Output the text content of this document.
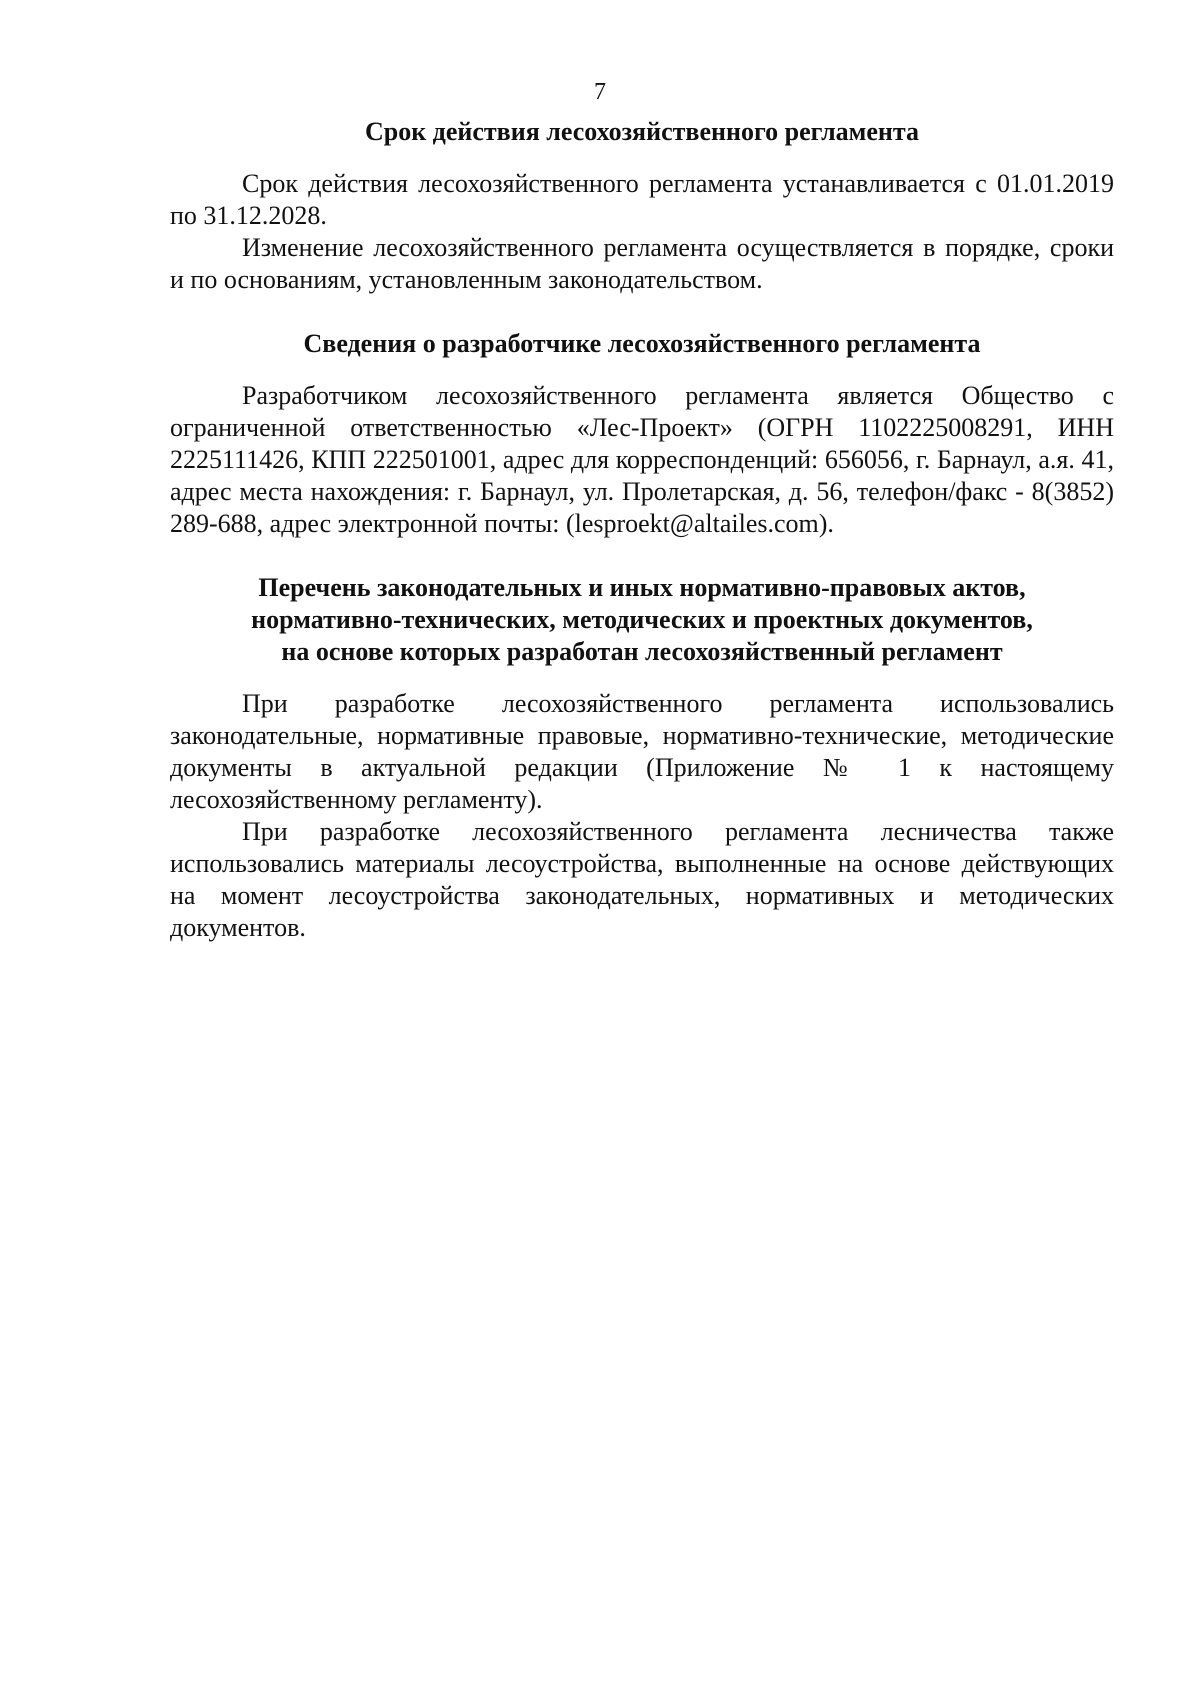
7
Срок действия лесохозяйственного регламента

Срок действия лесохозяйственного регламента устанавливается с 01.01.2019 по 31.12.2028.

Изменение лесохозяйственного регламента осуществляется в порядке, сроки и по основаниям, установленным законодательством.

Сведения о разработчике лесохозяйственного регламента

Разработчиком лесохозяйственного регламента является Общество с ограниченной ответственностью «Лес-Проект» (ОГРН 1102225008291, ИНН 2225111426, КПП 222501001, адрес для корреспонденций: 656056, г. Барнаул, а.я. 41, адрес места нахождения: г. Барнаул, ул. Пролетарская, д. 56, телефон/факс - 8(3852) 289-688, адрес электронной почты: (lesproekt@altailes.com).

Перечень законодательных и иных нормативно-правовых актов,
нормативно-технических, методических и проектных документов,
на основе которых разработан лесохозяйственный регламент

При разработке лесохозяйственного регламента использовались законодательные, нормативные правовые, нормативно-технические, методические документы в актуальной редакции (Приложение № 1 к настоящему лесохозяйственному регламенту).

При разработке лесохозяйственного регламента лесничества также использовались материалы лесоустройства, выполненные на основе действующих на момент лесоустройства законодательных, нормативных и методических документов.
